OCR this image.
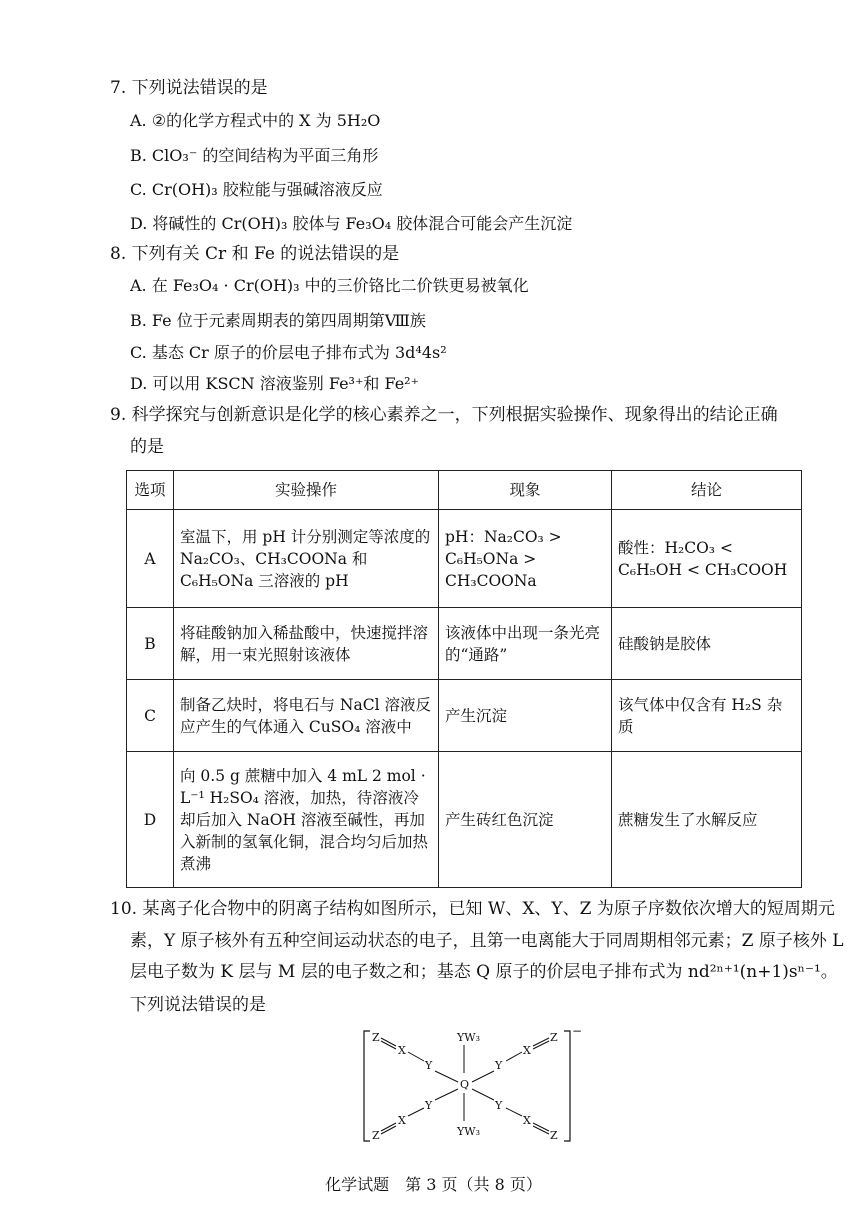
7. 下列说法错误的是
A. ②的化学方程式中的 X 为 5H₂O
B. ClO₃⁻ 的空间结构为平面三角形
C. Cr(OH)₃ 胶粒能与强碱溶液反应
D. 将碱性的 Cr(OH)₃ 胶体与 Fe₃O₄ 胶体混合可能会产生沉淀
8. 下列有关 Cr 和 Fe 的说法错误的是
A. 在 Fe₃O₄ · Cr(OH)₃ 中的三价铬比二价铁更易被氧化
B. Fe 位于元素周期表的第四周期第Ⅷ族
C. 基态 Cr 原子的价层电子排布式为 3d⁴4s²
D. 可以用 KSCN 溶液鉴别 Fe³⁺和 Fe²⁺
9. 科学探究与创新意识是化学的核心素养之一，下列根据实验操作、现象得出的结论正确
的是
选项	实验操作	现象	结论
A	室温下，用 pH 计分别测定等浓度的 Na₂CO₃、CH₃COONa 和 C₆H₅ONa 三溶液的 pH	pH：Na₂CO₃ > C₆H₅ONa > CH₃COONa	酸性：H₂CO₃ < C₆H₅OH < CH₃COOH
B	将硅酸钠加入稀盐酸中，快速搅拌溶解，用一束光照射该液体	该液体中出现一条光亮的“通路”	硅酸钠是胶体
C	制备乙炔时，将电石与 NaCl 溶液反应产生的气体通入 CuSO₄ 溶液中	产生沉淀	该气体中仅含有 H₂S 杂质
D	向 0.5 g 蔗糖中加入 4 mL 2 mol · L⁻¹ H₂SO₄ 溶液，加热，待溶液冷却后加入 NaOH 溶液至碱性，再加入新制的氢氧化铜，混合均匀后加热煮沸	产生砖红色沉淀	蔗糖发生了水解反应
10. 某离子化合物中的阴离子结构如图所示，已知 W、X、Y、Z 为原子序数依次增大的短周期元
素，Y 原子核外有五种空间运动状态的电子，且第一电离能大于同周期相邻元素；Z 原子核外 L
层电子数为 K 层与 M 层的电子数之和；基态 Q 原子的价层电子排布式为 nd²ⁿ⁺¹(n+1)sⁿ⁻¹。
下列说法错误的是
−
Z
X
Y
Z
X
Y
YW₃
Q
YW₃
Y
X
Z
Y
X
Z
化学试题　第 3 页（共 8 页）
